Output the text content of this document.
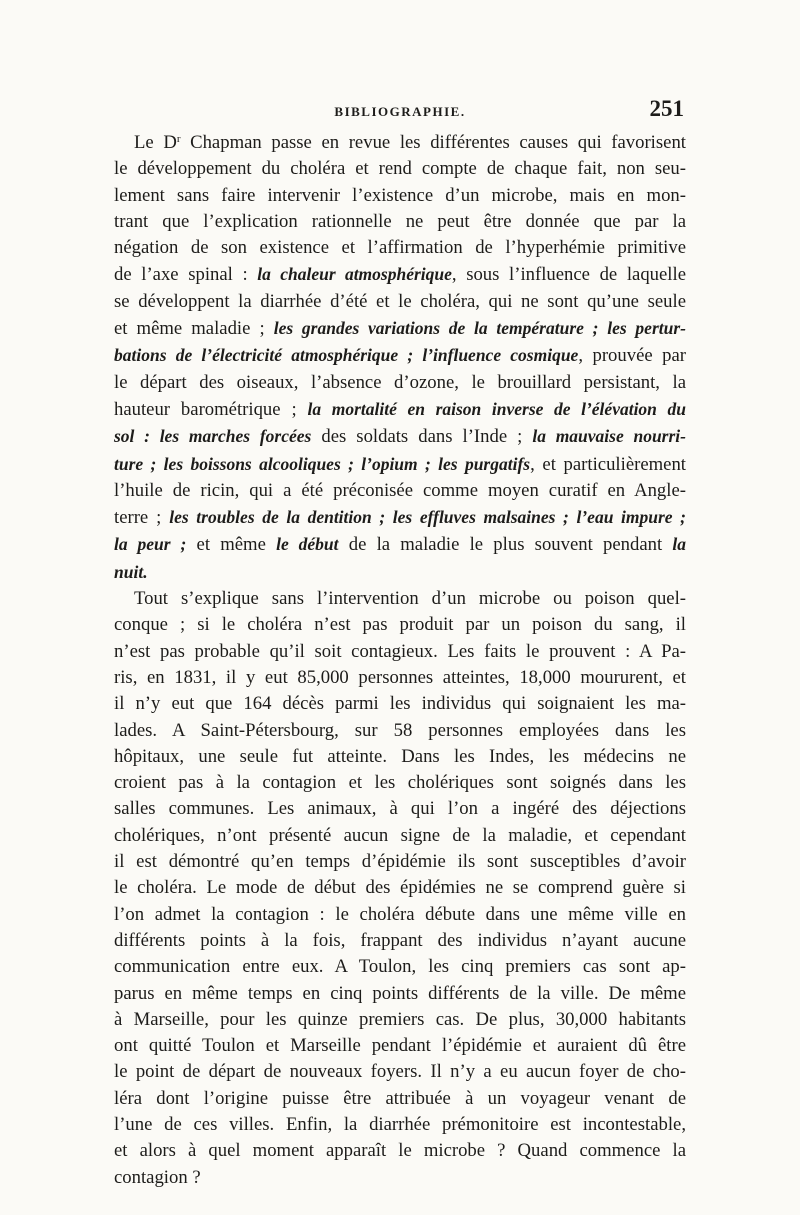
BIBLIOGRAPHIE.	251

Le $D^r$ Chapman passe en revue les différentes causes qui favorisent
le développement du choléra et rend compte de chaque fait, non seu-
lement sans faire intervenir l’existence d’un microbe, mais en mon-
trant que l’explication rationnelle ne peut être donnée que par la
négation de son existence et l’affirmation de l’hyperhémie primitive
de l’axe spinal : la chaleur atmosphérique, sous l’influence de laquelle
se développent la diarrhée d’été et le choléra, qui ne sont qu’une seule
et même maladie ; les grandes variations de la température ; les pertur-
bations de l’électricité atmosphérique ; l’influence cosmique, prouvée par
le départ des oiseaux, l’absence d’ozone, le brouillard persistant, la
hauteur barométrique ; la mortalité en raison inverse de l’élévation du
sol : les marches forcées des soldats dans l’Inde ; la mauvaise nourri-
ture ; les boissons alcooliques ; l’opium ; les purgatifs, et particulièrement
l’huile de ricin, qui a été préconisée comme moyen curatif en Angle-
terre ; les troubles de la dentition ; les effluves malsaines ; l’eau impure ;
la peur ; et même le début de la maladie le plus souvent pendant la
nuit.

Tout s’explique sans l’intervention d’un microbe ou poison quel-
conque ; si le choléra n’est pas produit par un poison du sang, il
n’est pas probable qu’il soit contagieux. Les faits le prouvent : A Pa-
ris, en 1831, il y eut 85,000 personnes atteintes, 18,000 moururent, et
il n’y eut que 164 décès parmi les individus qui soignaient les ma-
lades. A Saint-Pétersbourg, sur 58 personnes employées dans les
hôpitaux, une seule fut atteinte. Dans les Indes, les médecins ne
croient pas à la contagion et les cholériques sont soignés dans les
salles communes. Les animaux, à qui l’on a ingéré des déjections
cholériques, n’ont présenté aucun signe de la maladie, et cependant
il est démontré qu’en temps d’épidémie ils sont susceptibles d’avoir
le choléra. Le mode de début des épidémies ne se comprend guère si
l’on admet la contagion : le choléra débute dans une même ville en
différents points à la fois, frappant des individus n’ayant aucune
communication entre eux. A Toulon, les cinq premiers cas sont ap-
parus en même temps en cinq points différents de la ville. De même
à Marseille, pour les quinze premiers cas. De plus, 30,000 habitants
ont quitté Toulon et Marseille pendant l’épidémie et auraient dû être
le point de départ de nouveaux foyers. Il n’y a eu aucun foyer de cho-
léra dont l’origine puisse être attribuée à un voyageur venant de
l’une de ces villes. Enfin, la diarrhée prémonitoire est incontestable,
et alors à quel moment apparaît le microbe ? Quand commence la
contagion ?
